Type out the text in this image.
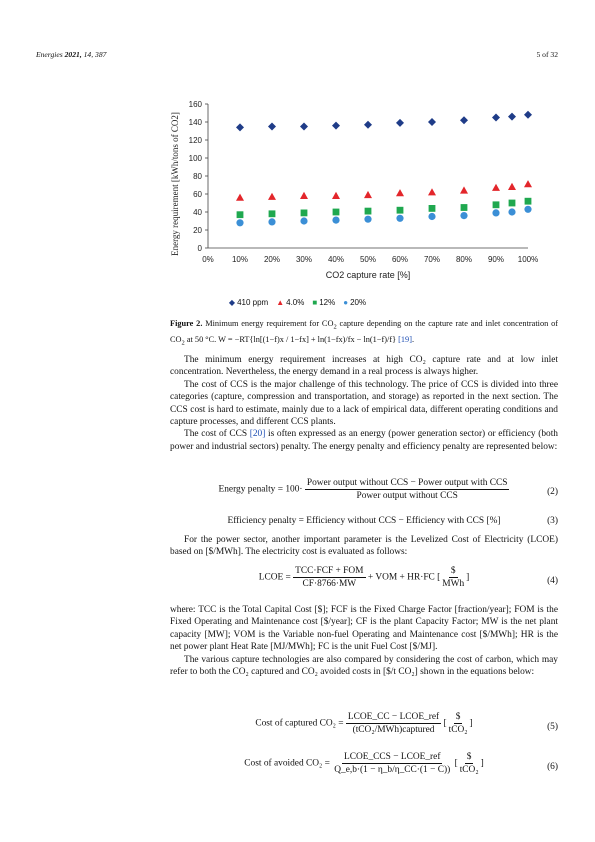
Energies 2021, 14, 387	5 of 32
0
20
40
60
80
100
120
140
160
0% 10% 20% 30% 40% 50% 60% 70% 80% 90% 100%
CO2 capture rate [%]
Energy requirement [kWh/tons of CO2]
◆ 410 ppm ▲ 4.0% ■ 12% ● 20%
Figure 2. Minimum energy requirement for $CO_2$ capture depending on the capture rate and inlet concentration of $CO_2$ at 50 °C. W = −RT{ln[(1−f)x / 1−fx] + ln(1−fx)/fx − ln(1−f)/f} [19].

The minimum energy requirement increases at high CO₂ capture rate and at low inlet concentration. Nevertheless, the energy demand in a real process is always higher.

The cost of CCS is the major challenge of this technology. The price of CCS is divided into three categories (capture, compression and transportation, and storage) as reported in the next section. The CCS cost is hard to estimate, mainly due to a lack of empirical data, different operating conditions and capture processes, and different CCS plants.

The cost of CCS [20] is often expressed as an energy (power generation sector) or efficiency (both power and industrial sectors) penalty. The energy penalty and efficiency penalty are represented below:

Energy penalty = $100\cdot \frac{\text{Power output without CCS − Power output with CCS}}{\text{Power output without CCS}}$	(2)
Efficiency penalty = Efficiency without CCS − Efficiency with CCS [%]	(3)

For the power sector, another important parameter is the Levelized Cost of Electricity (LCOE) based on [$/MWh]. The electricity cost is evaluated as follows:

LCOE = $\frac{\text{TCC·FCF + FOM}}{CF\cdot 8766\cdot MW}$ + VOM + HR·FC [ $\frac{\$}{\text{MWh}}$ ]	(4)

where: TCC is the Total Capital Cost [$]; FCF is the Fixed Charge Factor [fraction/year]; FOM is the Fixed Operating and Maintenance cost [$/year]; CF is the plant Capacity Factor; MW is the net plant capacity [MW]; VOM is the Variable non-fuel Operating and Maintenance cost [$/MWh]; HR is the net power plant Heat Rate [MJ/MWh]; FC is the unit Fuel Cost [$/MJ].

The various capture technologies are also compared by considering the cost of carbon, which may refer to both the CO₂ captured and CO₂ avoided costs in [$/t CO₂] shown in the equations below:

Cost of captured $CO_2 = \frac{\text{LCOE\_CC − LCOE\_ref}}{\text{(tCO₂/MWh)captured}}$ [ $\frac{\$}{\text{tCO₂}}$ ]	(5)
Cost of avoided $CO_2 = \frac{\text{LCOE\_CCS − LCOE\_ref}}{Q\_e,b\cdot(1 - \eta\_b/\eta\_CC\cdot(1 - C))}$ [ $\frac{\$}{\text{tCO₂}}$ ]	(6)
